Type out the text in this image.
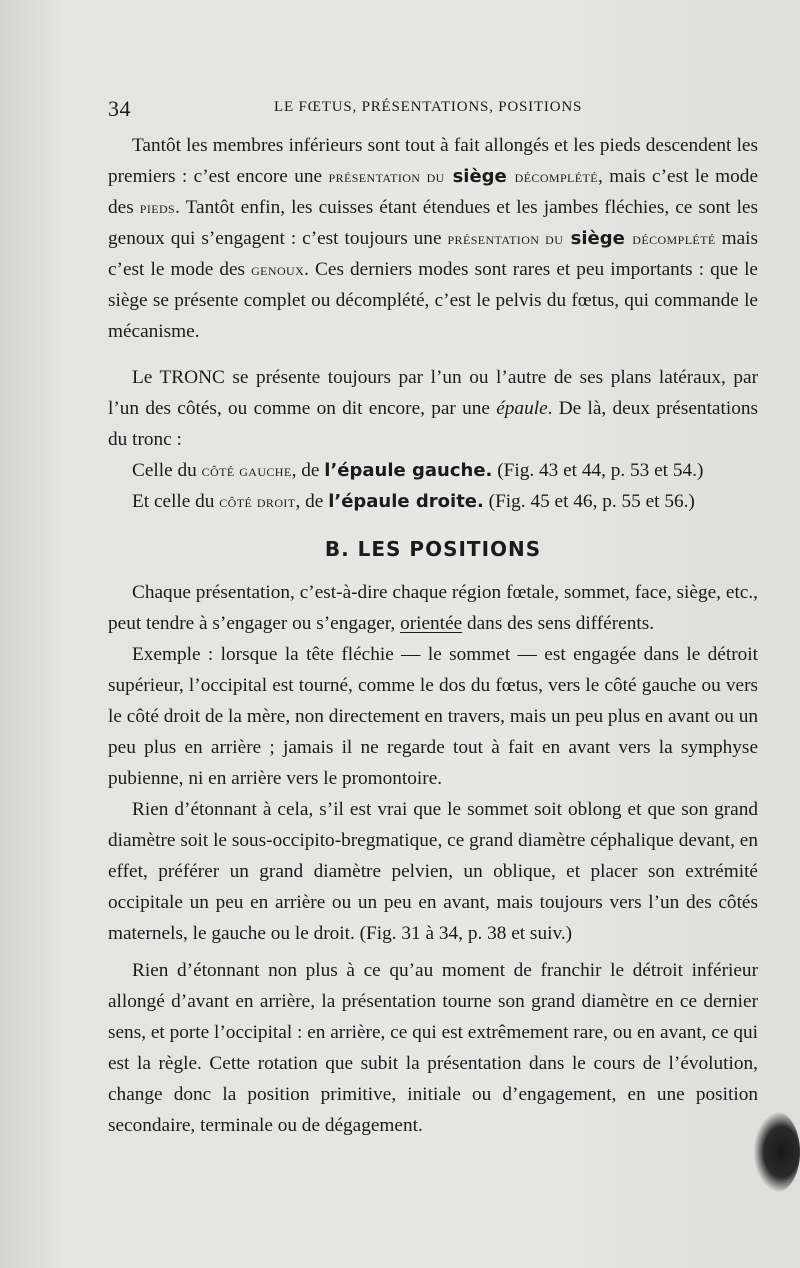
34	LE FŒTUS, PRÉSENTATIONS, POSITIONS

Tantôt les membres inférieurs sont tout à fait allongés et les pieds descendent les premiers : c’est encore une présentation du siège décomplété, mais c’est le mode des pieds. Tantôt enfin, les cuisses étant étendues et les jambes fléchies, ce sont les genoux qui s’engagent : c’est toujours une présentation du siège décomplété mais c’est le mode des genoux. Ces derniers modes sont rares et peu importants : que le siège se présente complet ou décomplété, c’est le pelvis du fœtus, qui commande le mécanisme.

Le TRONC se présente toujours par l’un ou l’autre de ses plans latéraux, par l’un des côtés, ou comme on dit encore, par une épaule. De là, deux présentations du tronc :

Celle du côté gauche, de l’épaule gauche. (Fig. 43 et 44, p. 53 et 54.)
Et celle du côté droit, de l’épaule droite. (Fig. 45 et 46, p. 55 et 56.)
B. LES POSITIONS

Chaque présentation, c’est-à-dire chaque région fœtale, sommet, face, siège, etc., peut tendre à s’engager ou s’engager, orientée dans des sens différents.

Exemple : lorsque la tête fléchie — le sommet — est engagée dans le détroit supérieur, l’occipital est tourné, comme le dos du fœtus, vers le côté gauche ou vers le côté droit de la mère, non directement en travers, mais un peu plus en avant ou un peu plus en arrière ; jamais il ne regarde tout à fait en avant vers la symphyse pubienne, ni en arrière vers le promontoire.

Rien d’étonnant à cela, s’il est vrai que le sommet soit oblong et que son grand diamètre soit le sous-occipito-bregmatique, ce grand diamètre céphalique devant, en effet, préférer un grand diamètre pelvien, un oblique, et placer son extrémité occipitale un peu en arrière ou un peu en avant, mais toujours vers l’un des côtés maternels, le gauche ou le droit. (Fig. 31 à 34, p. 38 et suiv.)

Rien d’étonnant non plus à ce qu’au moment de franchir le détroit inférieur allongé d’avant en arrière, la présentation tourne son grand diamètre en ce dernier sens, et porte l’occipital : en arrière, ce qui est extrêmement rare, ou en avant, ce qui est la règle. Cette rotation que subit la présentation dans le cours de l’évolution, change donc la position primitive, initiale ou d’engagement, en une position secondaire, terminale ou de dégagement.
